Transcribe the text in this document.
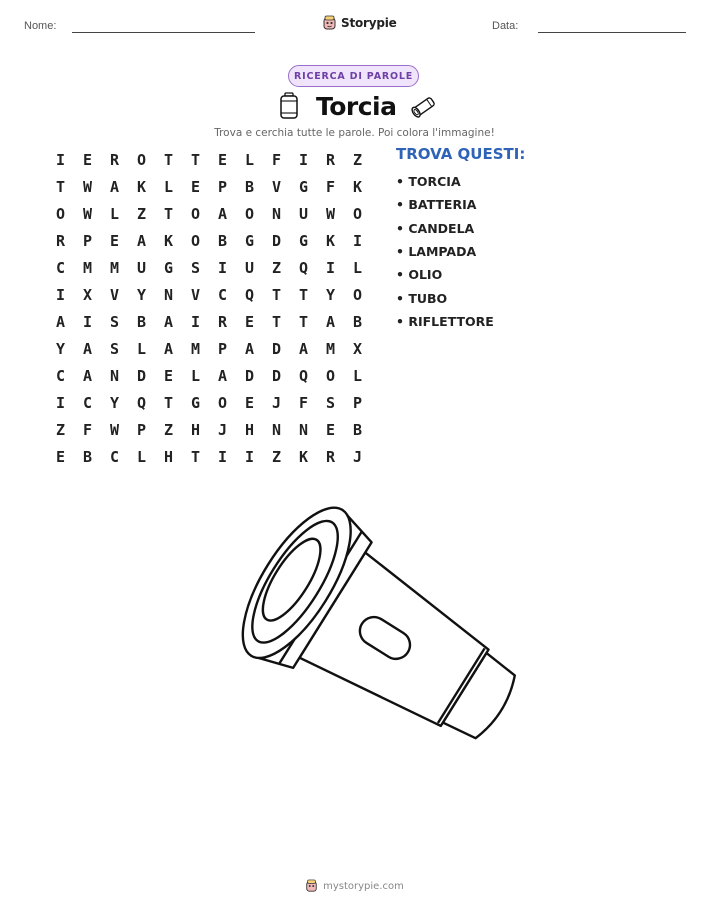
Nome:	Storypie	Data:
RICERCA DI PAROLE
Torcia
Trova e cerchia tutte le parole. Poi colora l'immagine!
I	E	R	O	T	T	E	L	F	I	R	Z
T	W	A	K	L	E	P	B	V	G	F	K
O	W	L	Z	T	O	A	O	N	U	W	O
R	P	E	A	K	O	B	G	D	G	K	I
C	M	M	U	G	S	I	U	Z	Q	I	L
I	X	V	Y	N	V	C	Q	T	T	Y	O
A	I	S	B	A	I	R	E	T	T	A	B
Y	A	S	L	A	M	P	A	D	A	M	X
C	A	N	D	E	L	A	D	D	Q	O	L
I	C	Y	Q	T	G	O	E	J	F	S	P
Z	F	W	P	Z	H	J	H	N	N	E	B
E	B	C	L	H	T	I	I	Z	K	R	J
TROVA QUESTI:
• TORCIA
• BATTERIA
• CANDELA
• LAMPADA
• OLIO
• TUBO
• RIFLETTORE
mystorypie.com
